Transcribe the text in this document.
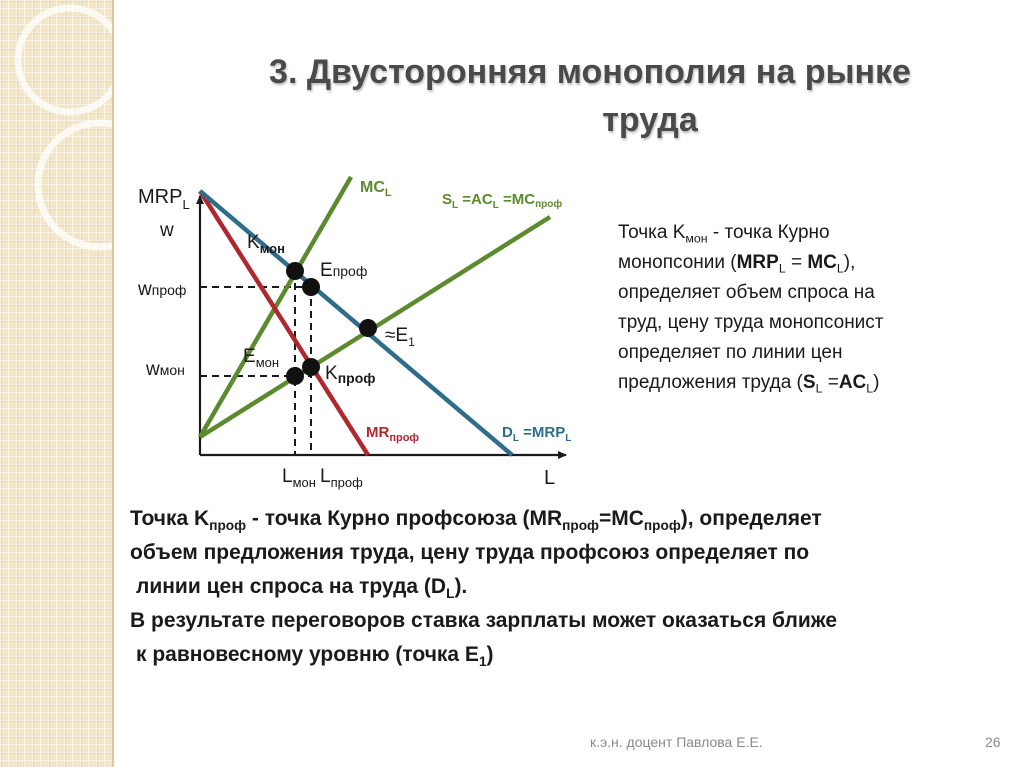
3. Двусторонняя монополия на рынке
труда
$MRP_L$
w
L
wпроф
wмон
$L_{мон}$ $L_{проф}$
$MC_L$	$S_L =AC_L =MC_{проф}$
$MR_{проф}$	$D_L =MRP_L$
$K_{мон}$
Eпроф
$\approx E_1$
$E_{мон}$
$K_{проф}$
Точка $K_{мон}$ - точка Курно
монопсонии $(MRP_L = MC_L)$,
определяет объем спроса на
труд, цену труда монопсонист
определяет по линии цен
предложения труда $(S_L =AC_L)$
Точка $K_{проф}$ - точка Курно профсоюза $(MR_{проф}=MC_{проф})$, определяет
объем предложения труда, цену труда профсоюз определяет по
линии цен спроса на труда $(D_L)$.
В результате переговоров ставка зарплаты может оказаться ближе
к равновесному уровню (точка $E_1$)
к.э.н. доцент Павлова Е.Е.	26
